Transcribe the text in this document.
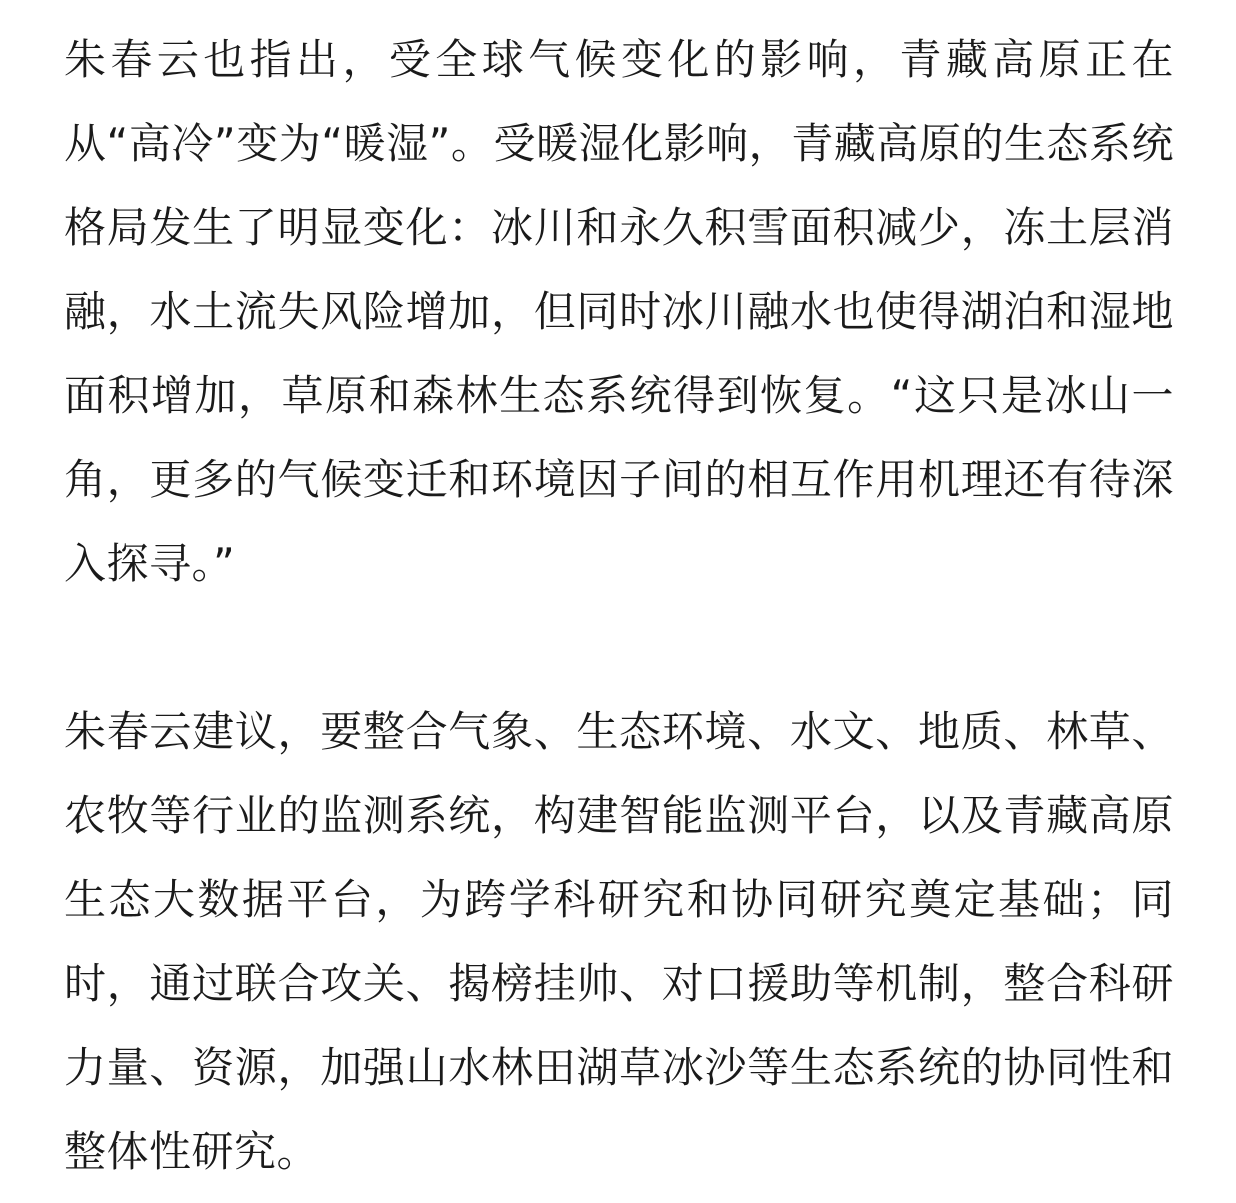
朱春云也指出，受全球气候变化的影响，青藏高原正在从“高冷”变为“暖湿”。受暖湿化影响，青藏高原的生态系统格局发生了明显变化：冰川和永久积雪面积减少，冻土层消融，水土流失风险增加，但同时冰川融水也使得湖泊和湿地面积增加，草原和森林生态系统得到恢复。“这只是冰山一角，更多的气候变迁和环境因子间的相互作用机理还有待深入探寻。”

朱春云建议，要整合气象、生态环境、水文、地质、林草、农牧等行业的监测系统，构建智能监测平台，以及青藏高原生态大数据平台，为跨学科研究和协同研究奠定基础；同时，通过联合攻关、揭榜挂帅、对口援助等机制，整合科研力量、资源，加强山水林田湖草冰沙等生态系统的协同性和整体性研究。
